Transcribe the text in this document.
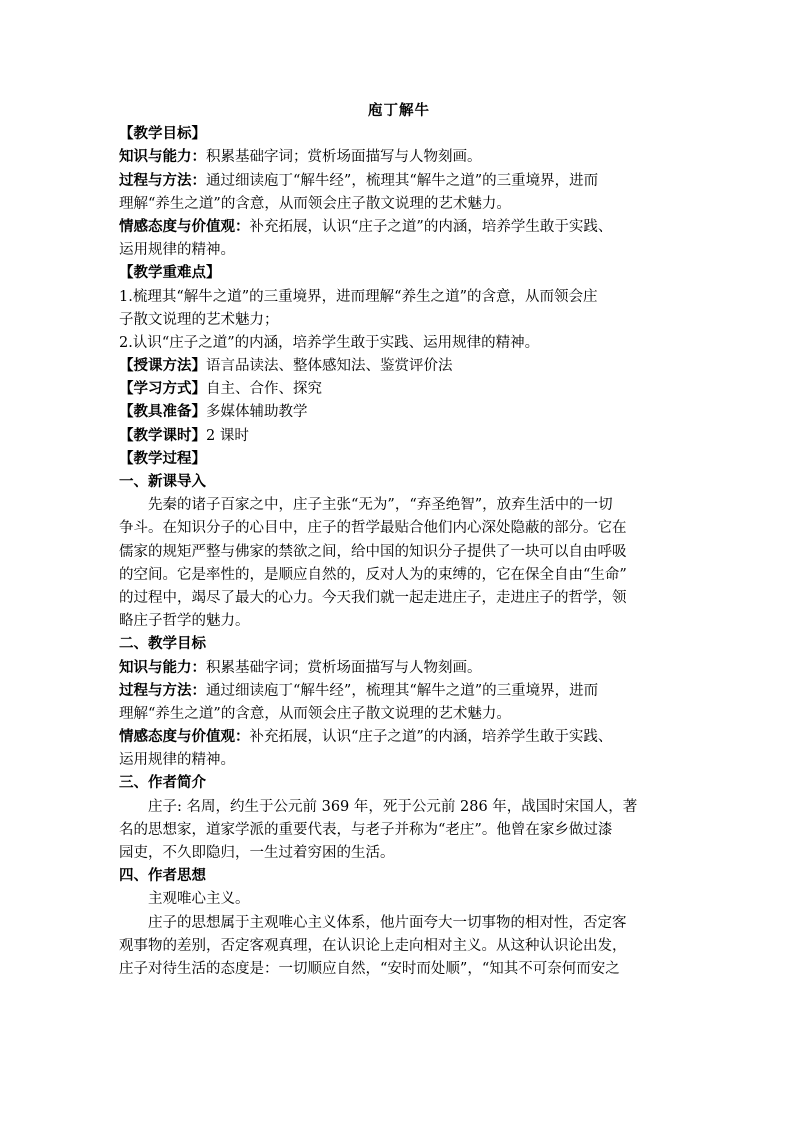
庖丁解牛
【教学目标】
知识与能力：积累基础字词；赏析场面描写与人物刻画。
过程与方法：通过细读庖丁“解牛经”，梳理其“解牛之道”的三重境界，进而
理解“养生之道”的含意，从而领会庄子散文说理的艺术魅力。
情感态度与价值观：补充拓展，认识“庄子之道”的内涵，培养学生敢于实践、
运用规律的精神。
【教学重难点】
1.梳理其“解牛之道”的三重境界，进而理解“养生之道”的含意，从而领会庄
子散文说理的艺术魅力；
2.认识“庄子之道”的内涵，培养学生敢于实践、运用规律的精神。
【授课方法】语言品读法、整体感知法、鉴赏评价法
【学习方式】自主、合作、探究
【教具准备】多媒体辅助教学
【教学课时】2 课时
【教学过程】
一、新课导入
先秦的诸子百家之中，庄子主张“无为”，“弃圣绝智”，放弃生活中的一切
争斗。在知识分子的心目中，庄子的哲学最贴合他们内心深处隐蔽的部分。它在
儒家的规矩严整与佛家的禁欲之间，给中国的知识分子提供了一块可以自由呼吸
的空间。它是率性的，是顺应自然的，反对人为的束缚的，它在保全自由“生命”
的过程中，竭尽了最大的心力。今天我们就一起走进庄子，走进庄子的哲学，领
略庄子哲学的魅力。
二、教学目标
知识与能力：积累基础字词；赏析场面描写与人物刻画。
过程与方法：通过细读庖丁“解牛经”，梳理其“解牛之道”的三重境界，进而
理解“养生之道”的含意，从而领会庄子散文说理的艺术魅力。
情感态度与价值观：补充拓展，认识“庄子之道”的内涵，培养学生敢于实践、
运用规律的精神。
三、作者简介
庄子: 名周，约生于公元前 369 年，死于公元前 286 年，战国时宋国人，著
名的思想家，道家学派的重要代表，与老子并称为“老庄”。他曾在家乡做过漆
园吏，不久即隐归，一生过着穷困的生活。
四、作者思想
主观唯心主义。
庄子的思想属于主观唯心主义体系，他片面夸大一切事物的相对性，否定客
观事物的差别，否定客观真理，在认识论上走向相对主义。从这种认识论出发，
庄子对待生活的态度是：一切顺应自然，“安时而处顺”，“知其不可奈何而安之
